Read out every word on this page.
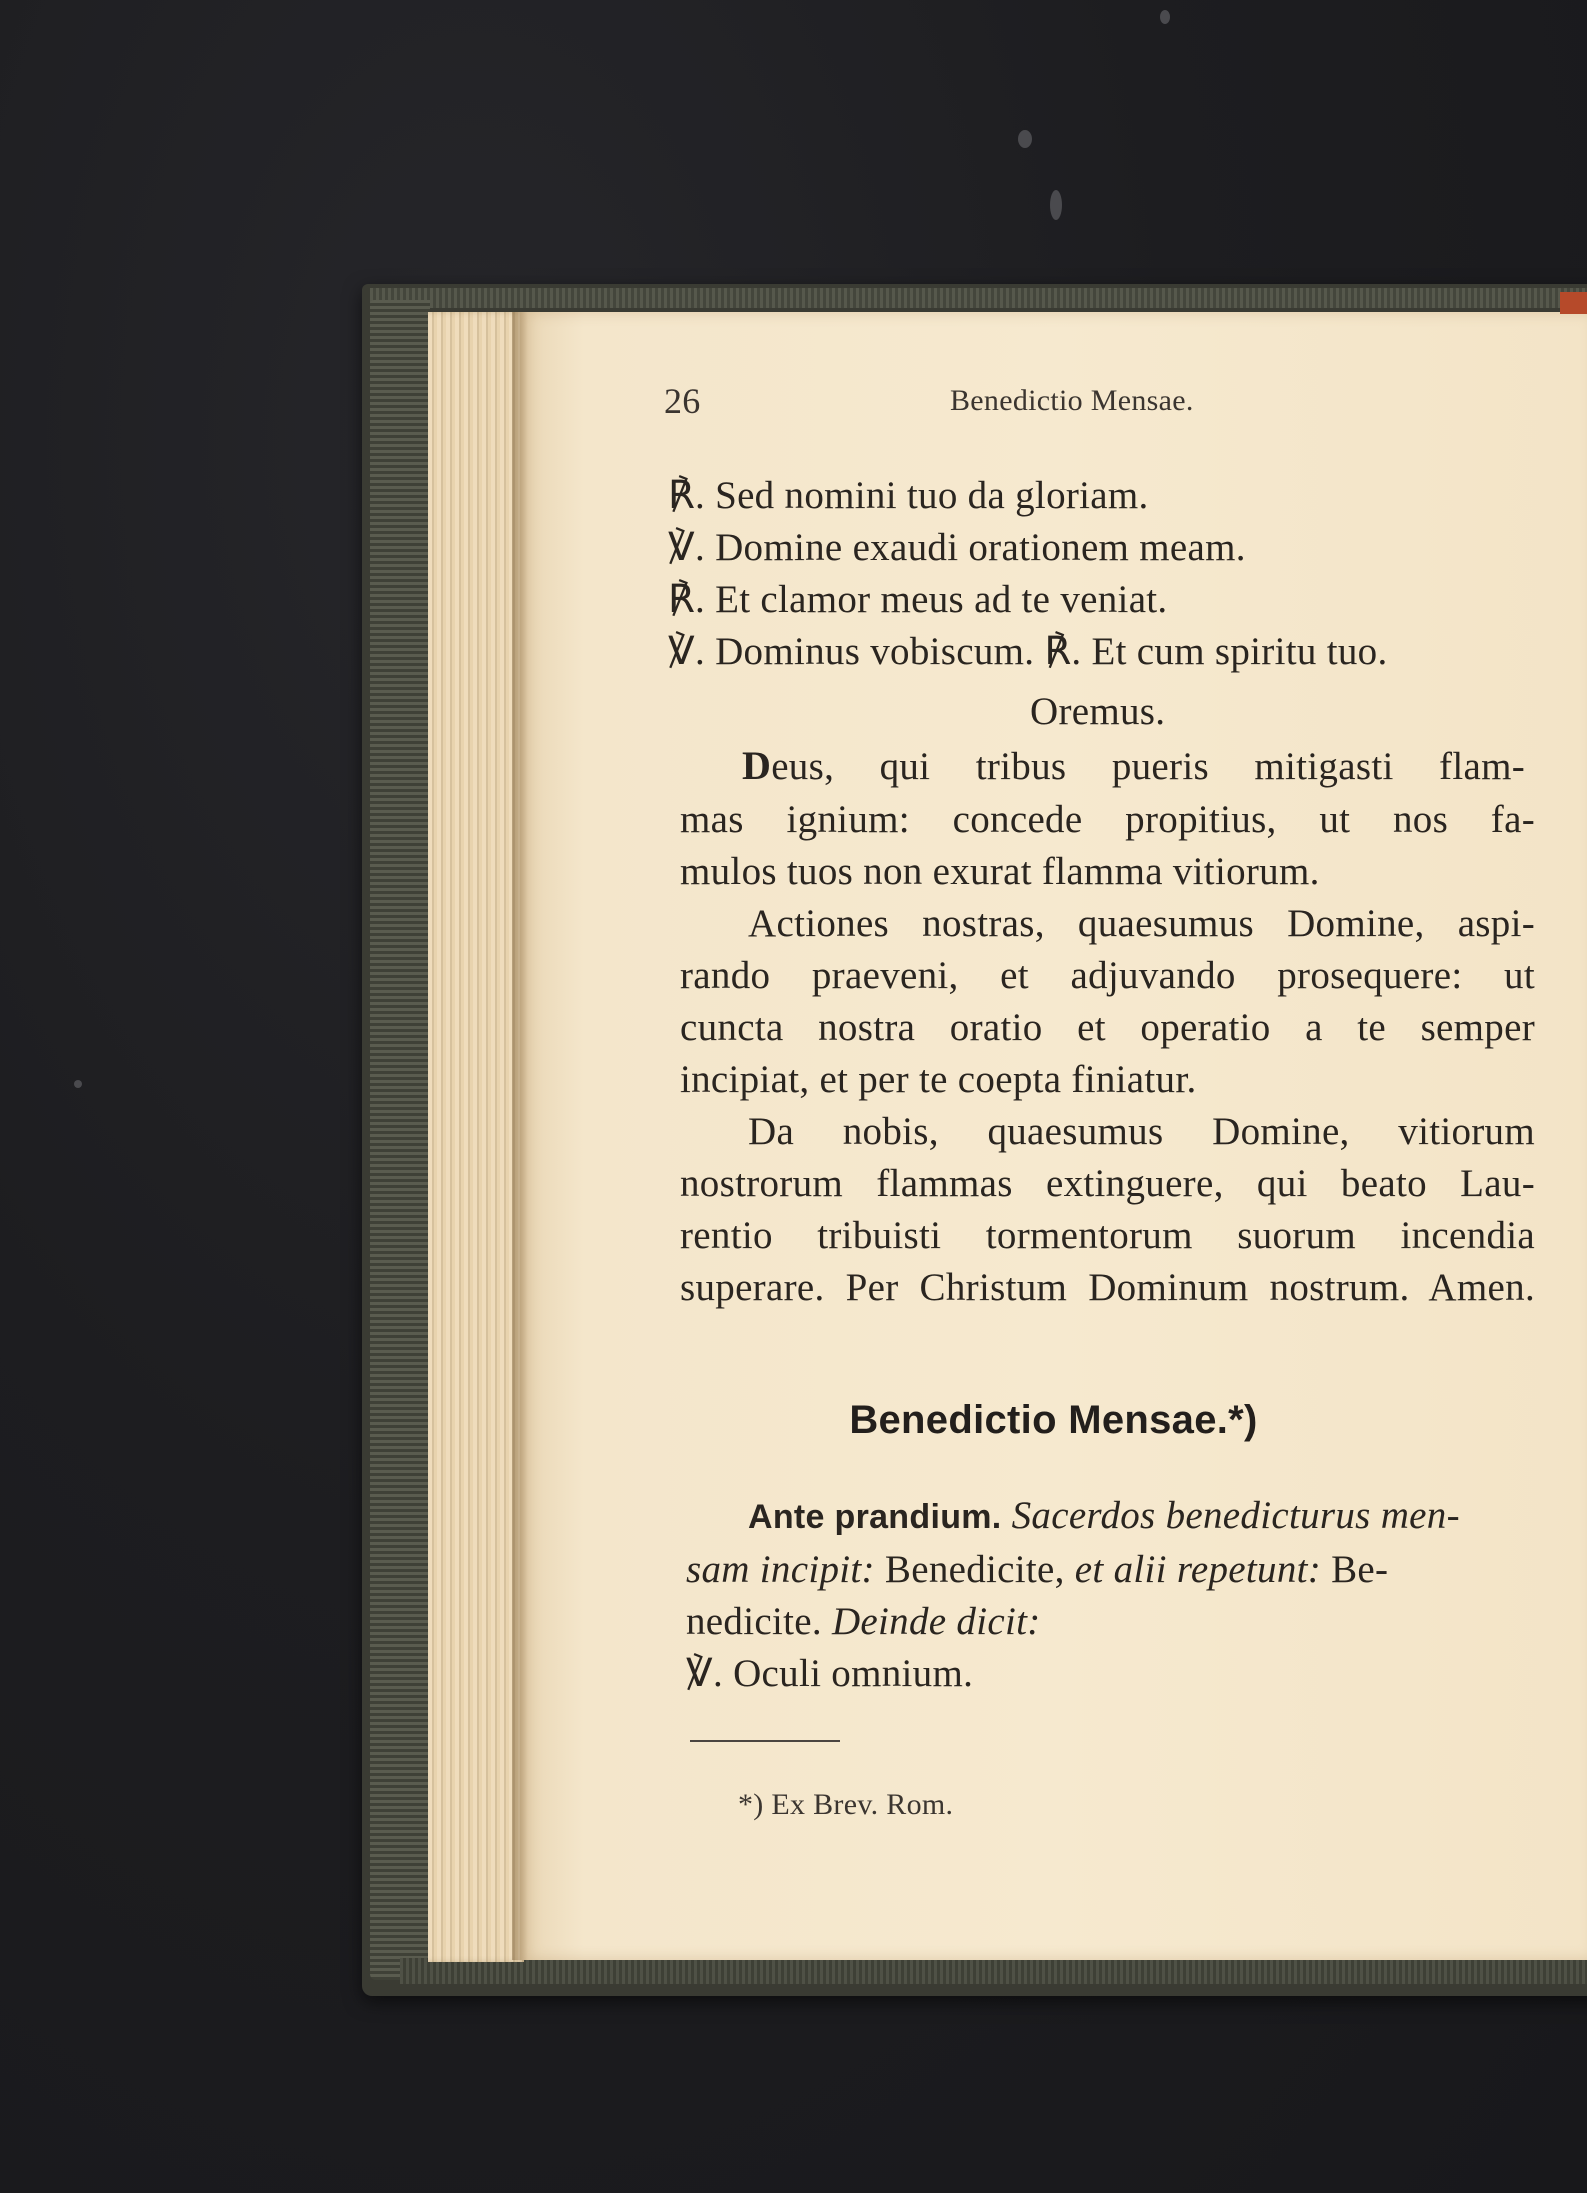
26	Benedictio Mensae.
℟. Sed nomini tuo da gloriam.
℣. Domine exaudi orationem meam.
℟. Et clamor meus ad te veniat.
℣. Dominus vobiscum. ℟. Et cum spiritu tuo.
Oremus.
Deus, qui tribus pueris mitigasti flam-
mas ignium: concede propitius, ut nos fa-
mulos tuos non exurat flamma vitiorum.
Actiones nostras, quaesumus Domine, aspi-
rando praeveni, et adjuvando prosequere: ut
cuncta nostra oratio et operatio a te semper
incipiat, et per te coepta finiatur.
Da nobis, quaesumus Domine, vitiorum
nostrorum flammas extinguere, qui beato Lau-
rentio tribuisti tormentorum suorum incendia
superare. Per Christum Dominum nostrum. Amen.
Benedictio Mensae.*)
Ante prandium. Sacerdos benedicturus men-
sam incipit: Benedicite, et alii repetunt: Be-
nedicite. Deinde dicit:
℣. Oculi omnium.
*) Ex Brev. Rom.
